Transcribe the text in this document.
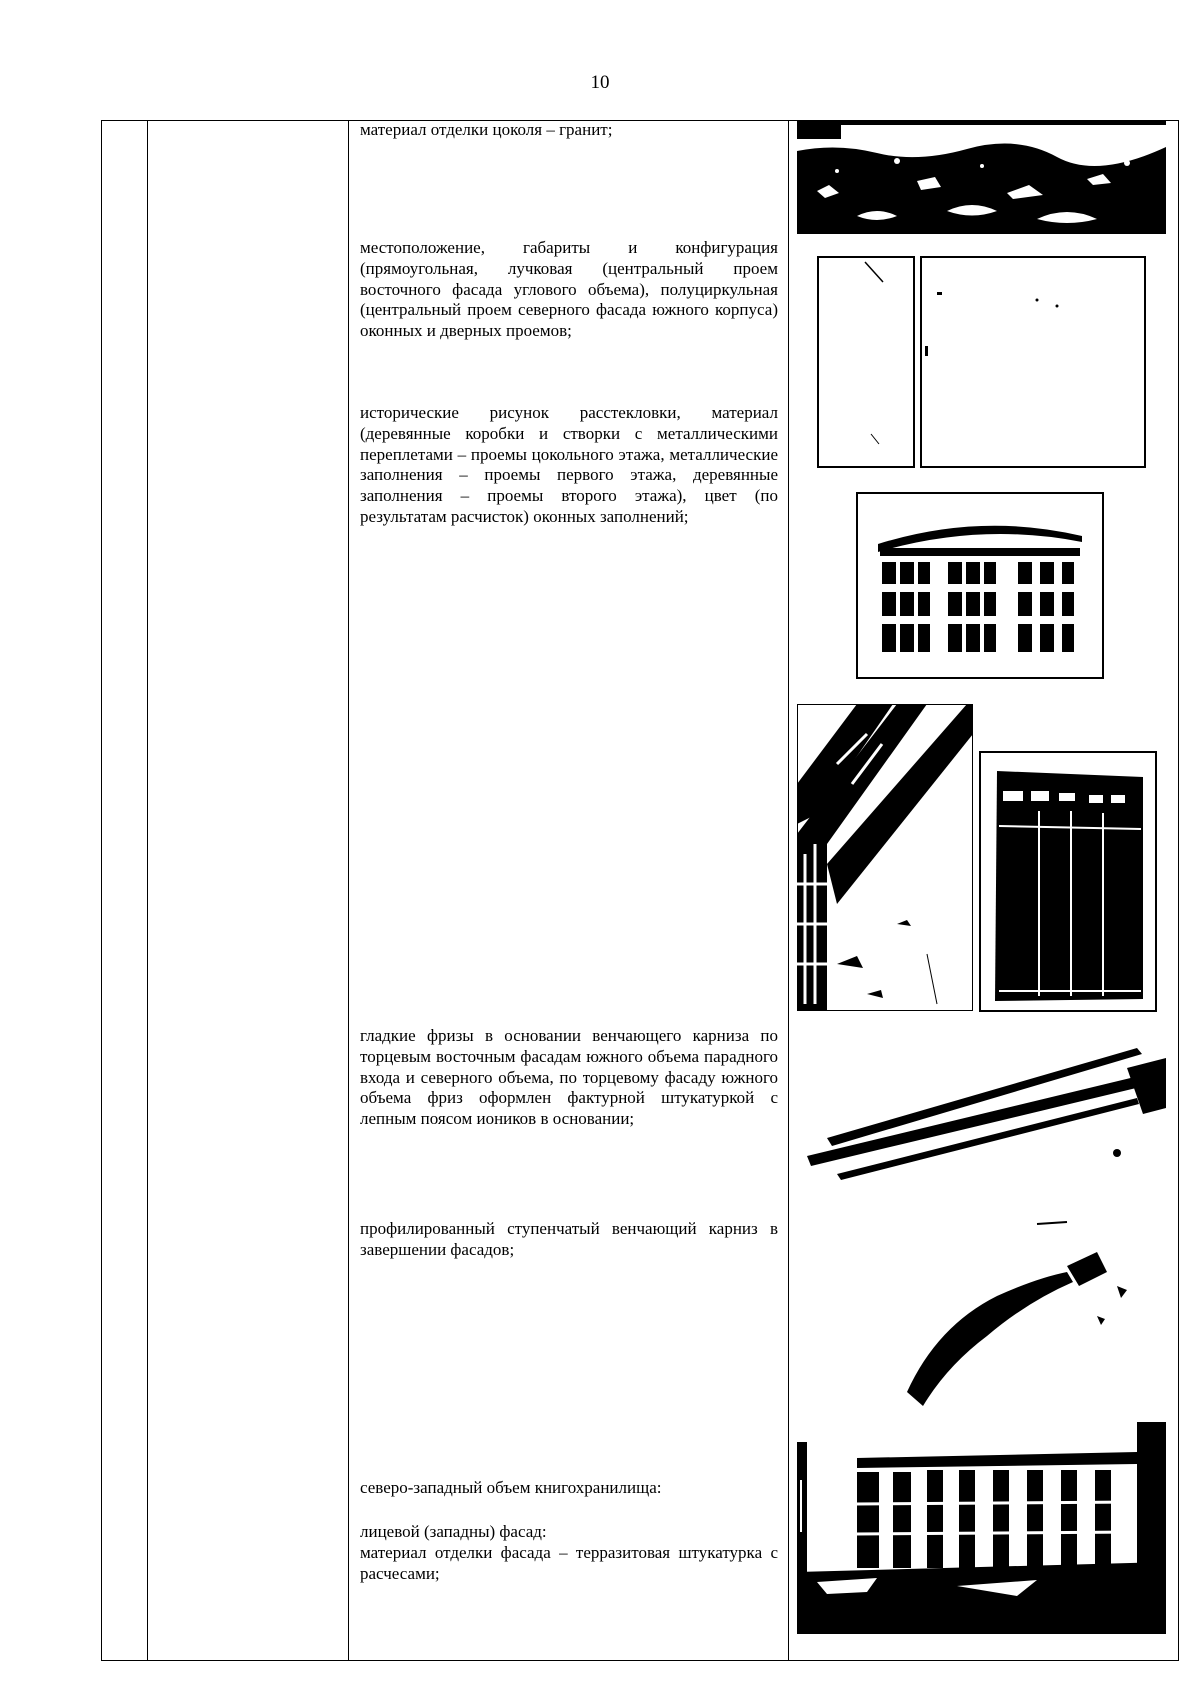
10
материал отделки цоколя – гранит;
местоположение, габариты и конфигурация (прямоугольная, лучковая (центральный проем восточного фасада углового объема), полуциркульная (центральный проем северного фасада южного корпуса) оконных и дверных проемов;
исторические рисунок расстекловки, материал (деревянные коробки и створки с металлическими переплетами – проемы цокольного этажа, металлические заполнения – проемы первого этажа, деревянные заполнения – проемы второго этажа), цвет (по результатам расчисток) оконных заполнений;
гладкие фризы в основании венчающего карниза по торцевым восточным фасадам южного объема парадного входа и северного объема, по торцевому фасаду южного объема фриз оформлен фактурной штукатуркой с лепным поясом иоников в основании;
профилированный ступенчатый венчающий карниз в завершении фасадов;
северо-западный объем книгохранилища:
лицевой (западны) фасад:
материал отделки фасада – терразитовая штукатурка с расчесами;
